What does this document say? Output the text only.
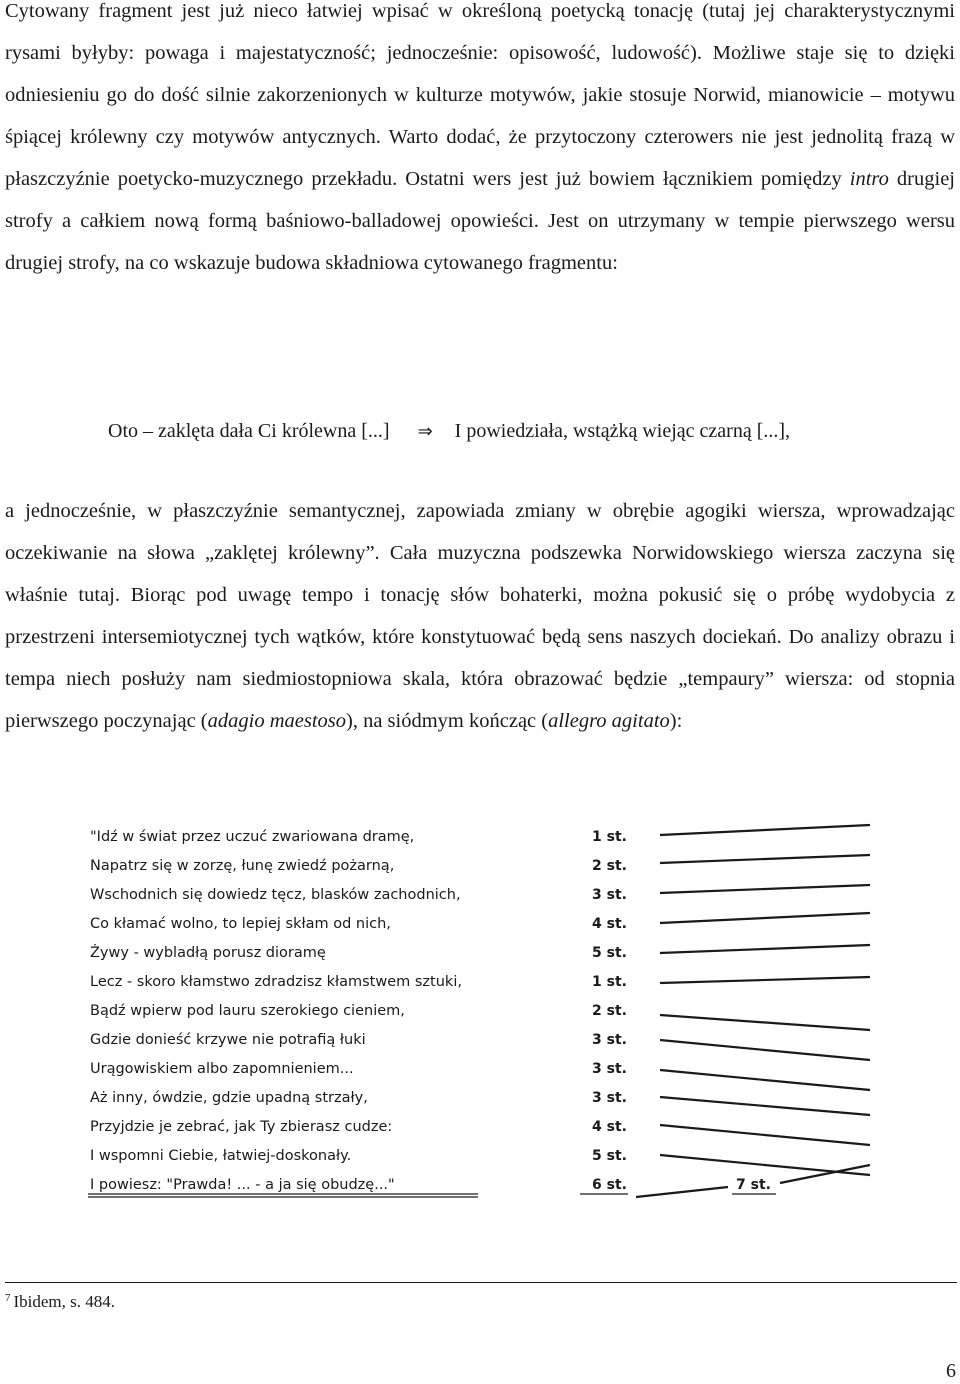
Cytowany fragment jest już nieco łatwiej wpisać w określoną poetycką tonację (tutaj jej charakterystycznymi rysami byłyby: powaga i majestatyczność; jednocześnie: opisowość, ludowość). Możliwe staje się to dzięki odniesieniu go do dość silnie zakorzenionych w kulturze motywów, jakie stosuje Norwid, mianowicie – motywu śpiącej królewny czy motywów antycznych. Warto dodać, że przytoczony czterowers nie jest jednolitą frazą w płaszczyźnie poetycko-muzycznego przekładu. Ostatni wers jest już bowiem łącznikiem pomiędzy intro drugiej strofy a całkiem nową formą baśniowo-balladowej opowieści. Jest on utrzymany w tempie pierwszego wersu drugiej strofy, na co wskazuje budowa składniowa cytowanego fragmentu:
Oto – zaklęta dała Ci królewna [...] ⇒ I powiedziała, wstążką wiejąc czarną [...],
a jednocześnie, w płaszczyźnie semantycznej, zapowiada zmiany w obrębie agogiki wiersza, wprowadzając oczekiwanie na słowa „zaklętej królewny”. Cała muzyczna podszewka Norwidowskiego wiersza zaczyna się właśnie tutaj. Biorąc pod uwagę tempo i tonację słów bohaterki, można pokusić się o próbę wydobycia z przestrzeni intersemiotycznej tych wątków, które konstytuować będą sens naszych dociekań. Do analizy obrazu i tempa niech posłuży nam siedmiostopniowa skala, która obrazować będzie „tempaury” wiersza: od stopnia pierwszego poczynając (adagio maestoso), na siódmym kończąc (allegro agitato):
"Idź w świat przez uczuć zwariowana dramę,	1 st.
Napatrz się w zorzę, łunę zwiedź pożarną,	2 st.
Wschodnich się dowiedz tęcz, blasków zachodnich,	3 st.
Co kłamać wolno, to lepiej skłam od nich,	4 st.
Żywy - wybladłą porusz dioramę	5 st.
Lecz - skoro kłamstwo zdradzisz kłamstwem sztuki,	1 st.
Bądź wpierw pod lauru szerokiego cieniem,	2 st.
Gdzie donieść krzywe nie potrafią łuki	3 st.
Urągowiskiem albo zapomnieniem...	3 st.
Aż inny, ówdzie, gdzie upadną strzały,	3 st.
Przyjdzie je zebrać, jak Ty zbierasz cudze:	4 st.
I wspomni Ciebie, łatwiej-doskonały.	5 st.
I powiesz: "Prawda! ... - a ja się obudzę..."	6 st.	7 st.
$^7$ Ibidem, s. 484.
6
